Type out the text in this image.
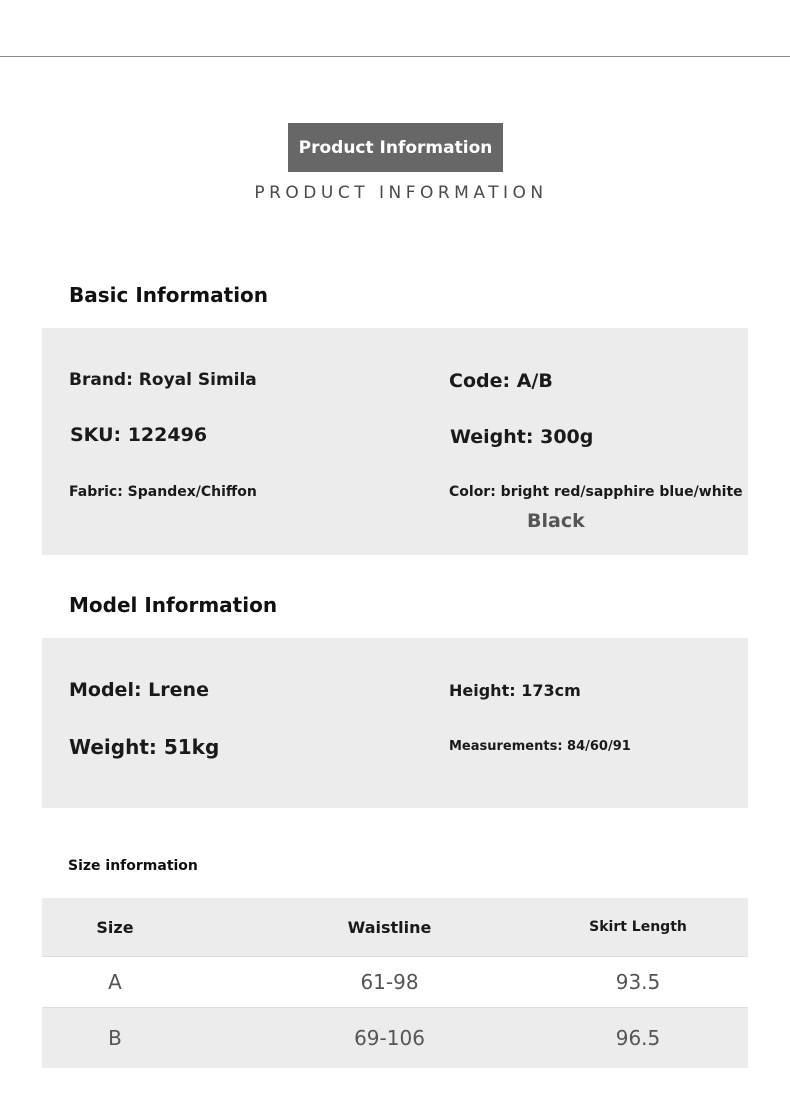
Product Information
PRODUCT INFORMATION
Basic Information
Brand: Royal Simila	Code: A/B
SKU: 122496	Weight: 300g
Fabric: Spandex/Chiffon	Color: bright red/sapphire blue/white
Black
Model Information
Model: Lrene	Height: 173cm
Weight: 51kg	Measurements: 84/60/91
Size information
Size	Waistline	Skirt Length
A	61-98	93.5
B	69-106	96.5
